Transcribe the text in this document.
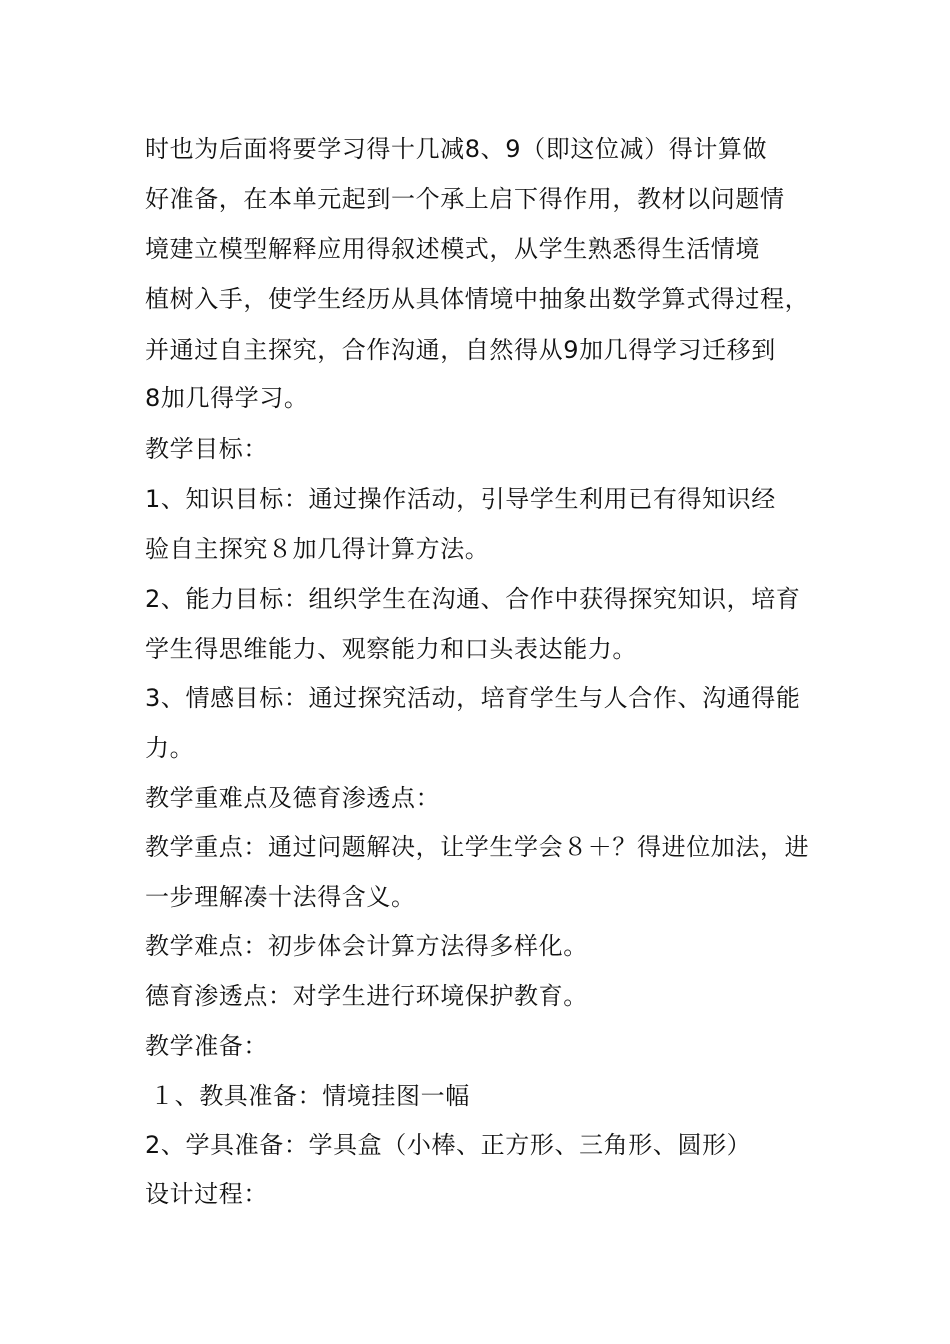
时也为后面将要学习得十几减8、9（即这位减）得计算做
好准备，在本单元起到一个承上启下得作用，教材以问题情
境建立模型解释应用得叙述模式，从学生熟悉得生活情境
植树入手，使学生经历从具体情境中抽象出数学算式得过程，
并通过自主探究，合作沟通，自然得从9加几得学习迁移到
8加几得学习。
教学目标：
1、知识目标：通过操作活动，引导学生利用已有得知识经
验自主探究８加几得计算方法。
2、能力目标：组织学生在沟通、合作中获得探究知识，培育
学生得思维能力、观察能力和口头表达能力。
3、情感目标：通过探究活动，培育学生与人合作、沟通得能
力。
教学重难点及德育渗透点：
教学重点：通过问题解决，让学生学会８＋？得进位加法，进
一步理解凑十法得含义。
教学难点：初步体会计算方法得多样化。
德育渗透点：对学生进行环境保护教育。
教学准备：
１、教具准备：情境挂图一幅
2、学具准备：学具盒（小棒、正方形、三角形、圆形）
设计过程：
